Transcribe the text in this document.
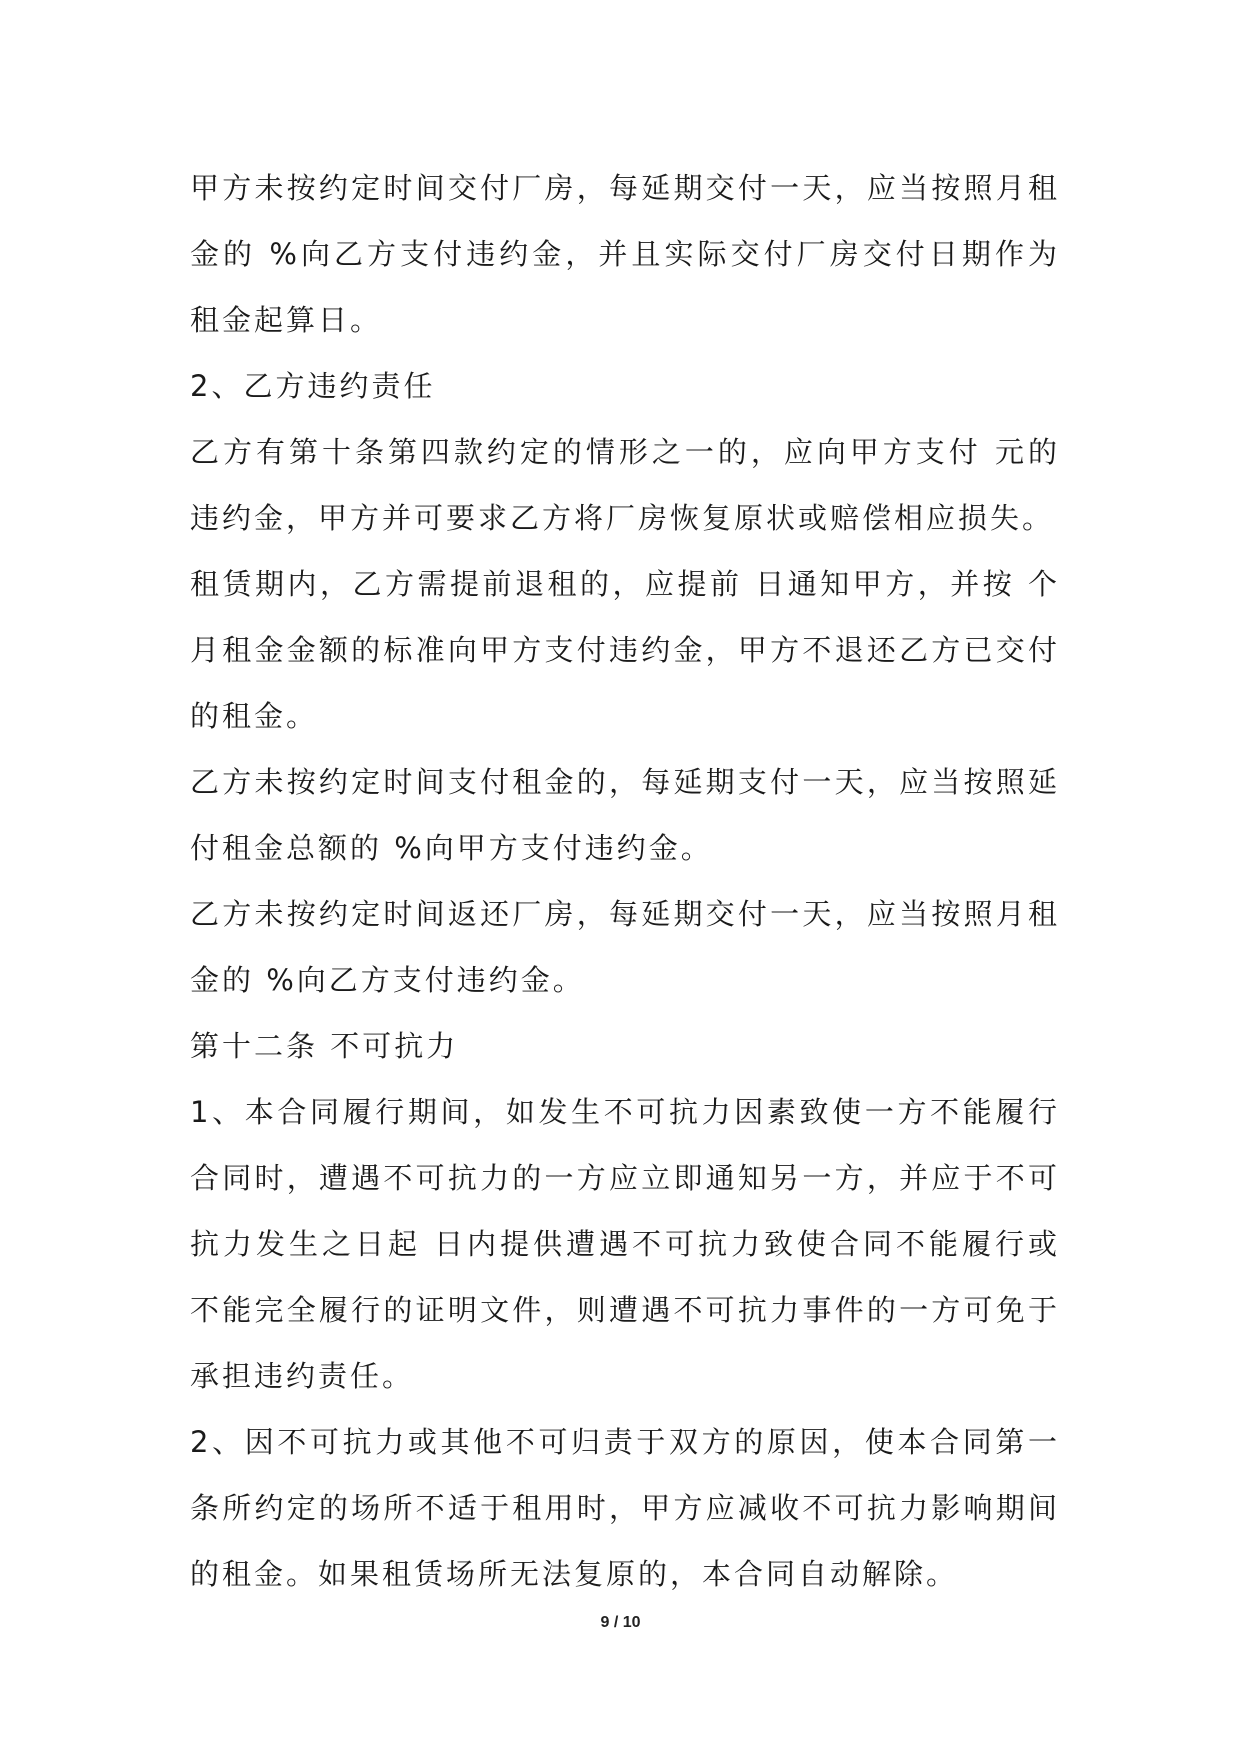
甲方未按约定时间交付厂房，每延期交付一天，应当按照月租金的 %向乙方支付违约金，并且实际交付厂房交付日期作为租金起算日。

2、乙方违约责任

乙方有第十条第四款约定的情形之一的，应向甲方支付 元的违约金，甲方并可要求乙方将厂房恢复原状或赔偿相应损失。

租赁期内，乙方需提前退租的，应提前 日通知甲方，并按 个月租金金额的标准向甲方支付违约金，甲方不退还乙方已交付的租金。

乙方未按约定时间支付租金的，每延期支付一天，应当按照延付租金总额的 %向甲方支付违约金。

乙方未按约定时间返还厂房，每延期交付一天，应当按照月租金的 %向乙方支付违约金。

第十二条 不可抗力

1、本合同履行期间，如发生不可抗力因素致使一方不能履行合同时，遭遇不可抗力的一方应立即通知另一方，并应于不可抗力发生之日起 日内提供遭遇不可抗力致使合同不能履行或不能完全履行的证明文件，则遭遇不可抗力事件的一方可免于承担违约责任。

2、因不可抗力或其他不可归责于双方的原因，使本合同第一条所约定的场所不适于租用时，甲方应减收不可抗力影响期间的租金。如果租赁场所无法复原的，本合同自动解除。

9 / 10
